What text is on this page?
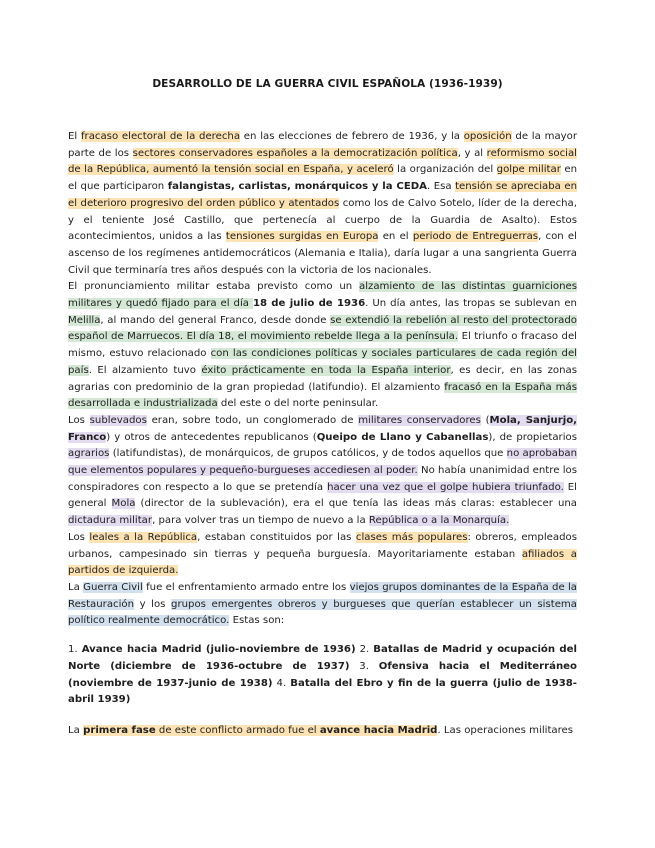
DESARROLLO DE LA GUERRA CIVIL ESPAÑOLA (1936-1939)

El fracaso electoral de la derecha en las elecciones de febrero de 1936, y la oposición de la mayor parte de los sectores conservadores españoles a la democratización política, y al reformismo social de la República, aumentó la tensión social en España, y aceleró la organización del golpe militar en el que participaron falangistas, carlistas, monárquicos y la CEDA. Esa tensión se apreciaba en el deterioro progresivo del orden público y atentados como los de Calvo Sotelo, líder de la derecha, y el teniente José Castillo, que pertenecía al cuerpo de la Guardia de Asalto). Estos acontecimientos, unidos a las tensiones surgidas en Europa en el periodo de Entreguerras, con el ascenso de los regímenes antidemocráticos (Alemania e Italia), daría lugar a una sangrienta Guerra Civil que terminaría tres años después con la victoria de los nacionales.

El pronunciamiento militar estaba previsto como un alzamiento de las distintas guarniciones militares y quedó fijado para el día 18 de julio de 1936. Un día antes, las tropas se sublevan en Melilla, al mando del general Franco, desde donde se extendió la rebelión al resto del protectorado español de Marruecos. El día 18, el movimiento rebelde llega a la península. El triunfo o fracaso del mismo, estuvo relacionado con las condiciones políticas y sociales particulares de cada región del país. El alzamiento tuvo éxito prácticamente en toda la España interior, es decir, en las zonas agrarias con predominio de la gran propiedad (latifundio). El alzamiento fracasó en la España más desarrollada e industrializada del este o del norte peninsular.

Los sublevados eran, sobre todo, un conglomerado de militares conservadores (Mola, Sanjurjo, Franco) y otros de antecedentes republicanos (Queipo de Llano y Cabanellas), de propietarios agrarios (latifundistas), de monárquicos, de grupos católicos, y de todos aquellos que no aprobaban que elementos populares y pequeño-burgueses accediesen al poder. No había unanimidad entre los conspiradores con respecto a lo que se pretendía hacer una vez que el golpe hubiera triunfado. El general Mola (director de la sublevación), era el que tenía las ideas más claras: establecer una dictadura militar, para volver tras un tiempo de nuevo a la República o a la Monarquía.

Los leales a la República, estaban constituidos por las clases más populares: obreros, empleados urbanos, campesinado sin tierras y pequeña burguesía. Mayoritariamente estaban afiliados a partidos de izquierda.

La Guerra Civil fue el enfrentamiento armado entre los viejos grupos dominantes de la España de la Restauración y los grupos emergentes obreros y burgueses que querían establecer un sistema político realmente democrático. Estas son:

1. Avance hacia Madrid (julio-noviembre de 1936) 2. Batallas de Madrid y ocupación del Norte (diciembre de 1936-octubre de 1937) 3. Ofensiva hacia el Mediterráneo (noviembre de 1937-junio de 1938) 4. Batalla del Ebro y fin de la guerra (julio de 1938-abril 1939)

La primera fase de este conflicto armado fue el avance hacia Madrid. Las operaciones militares
